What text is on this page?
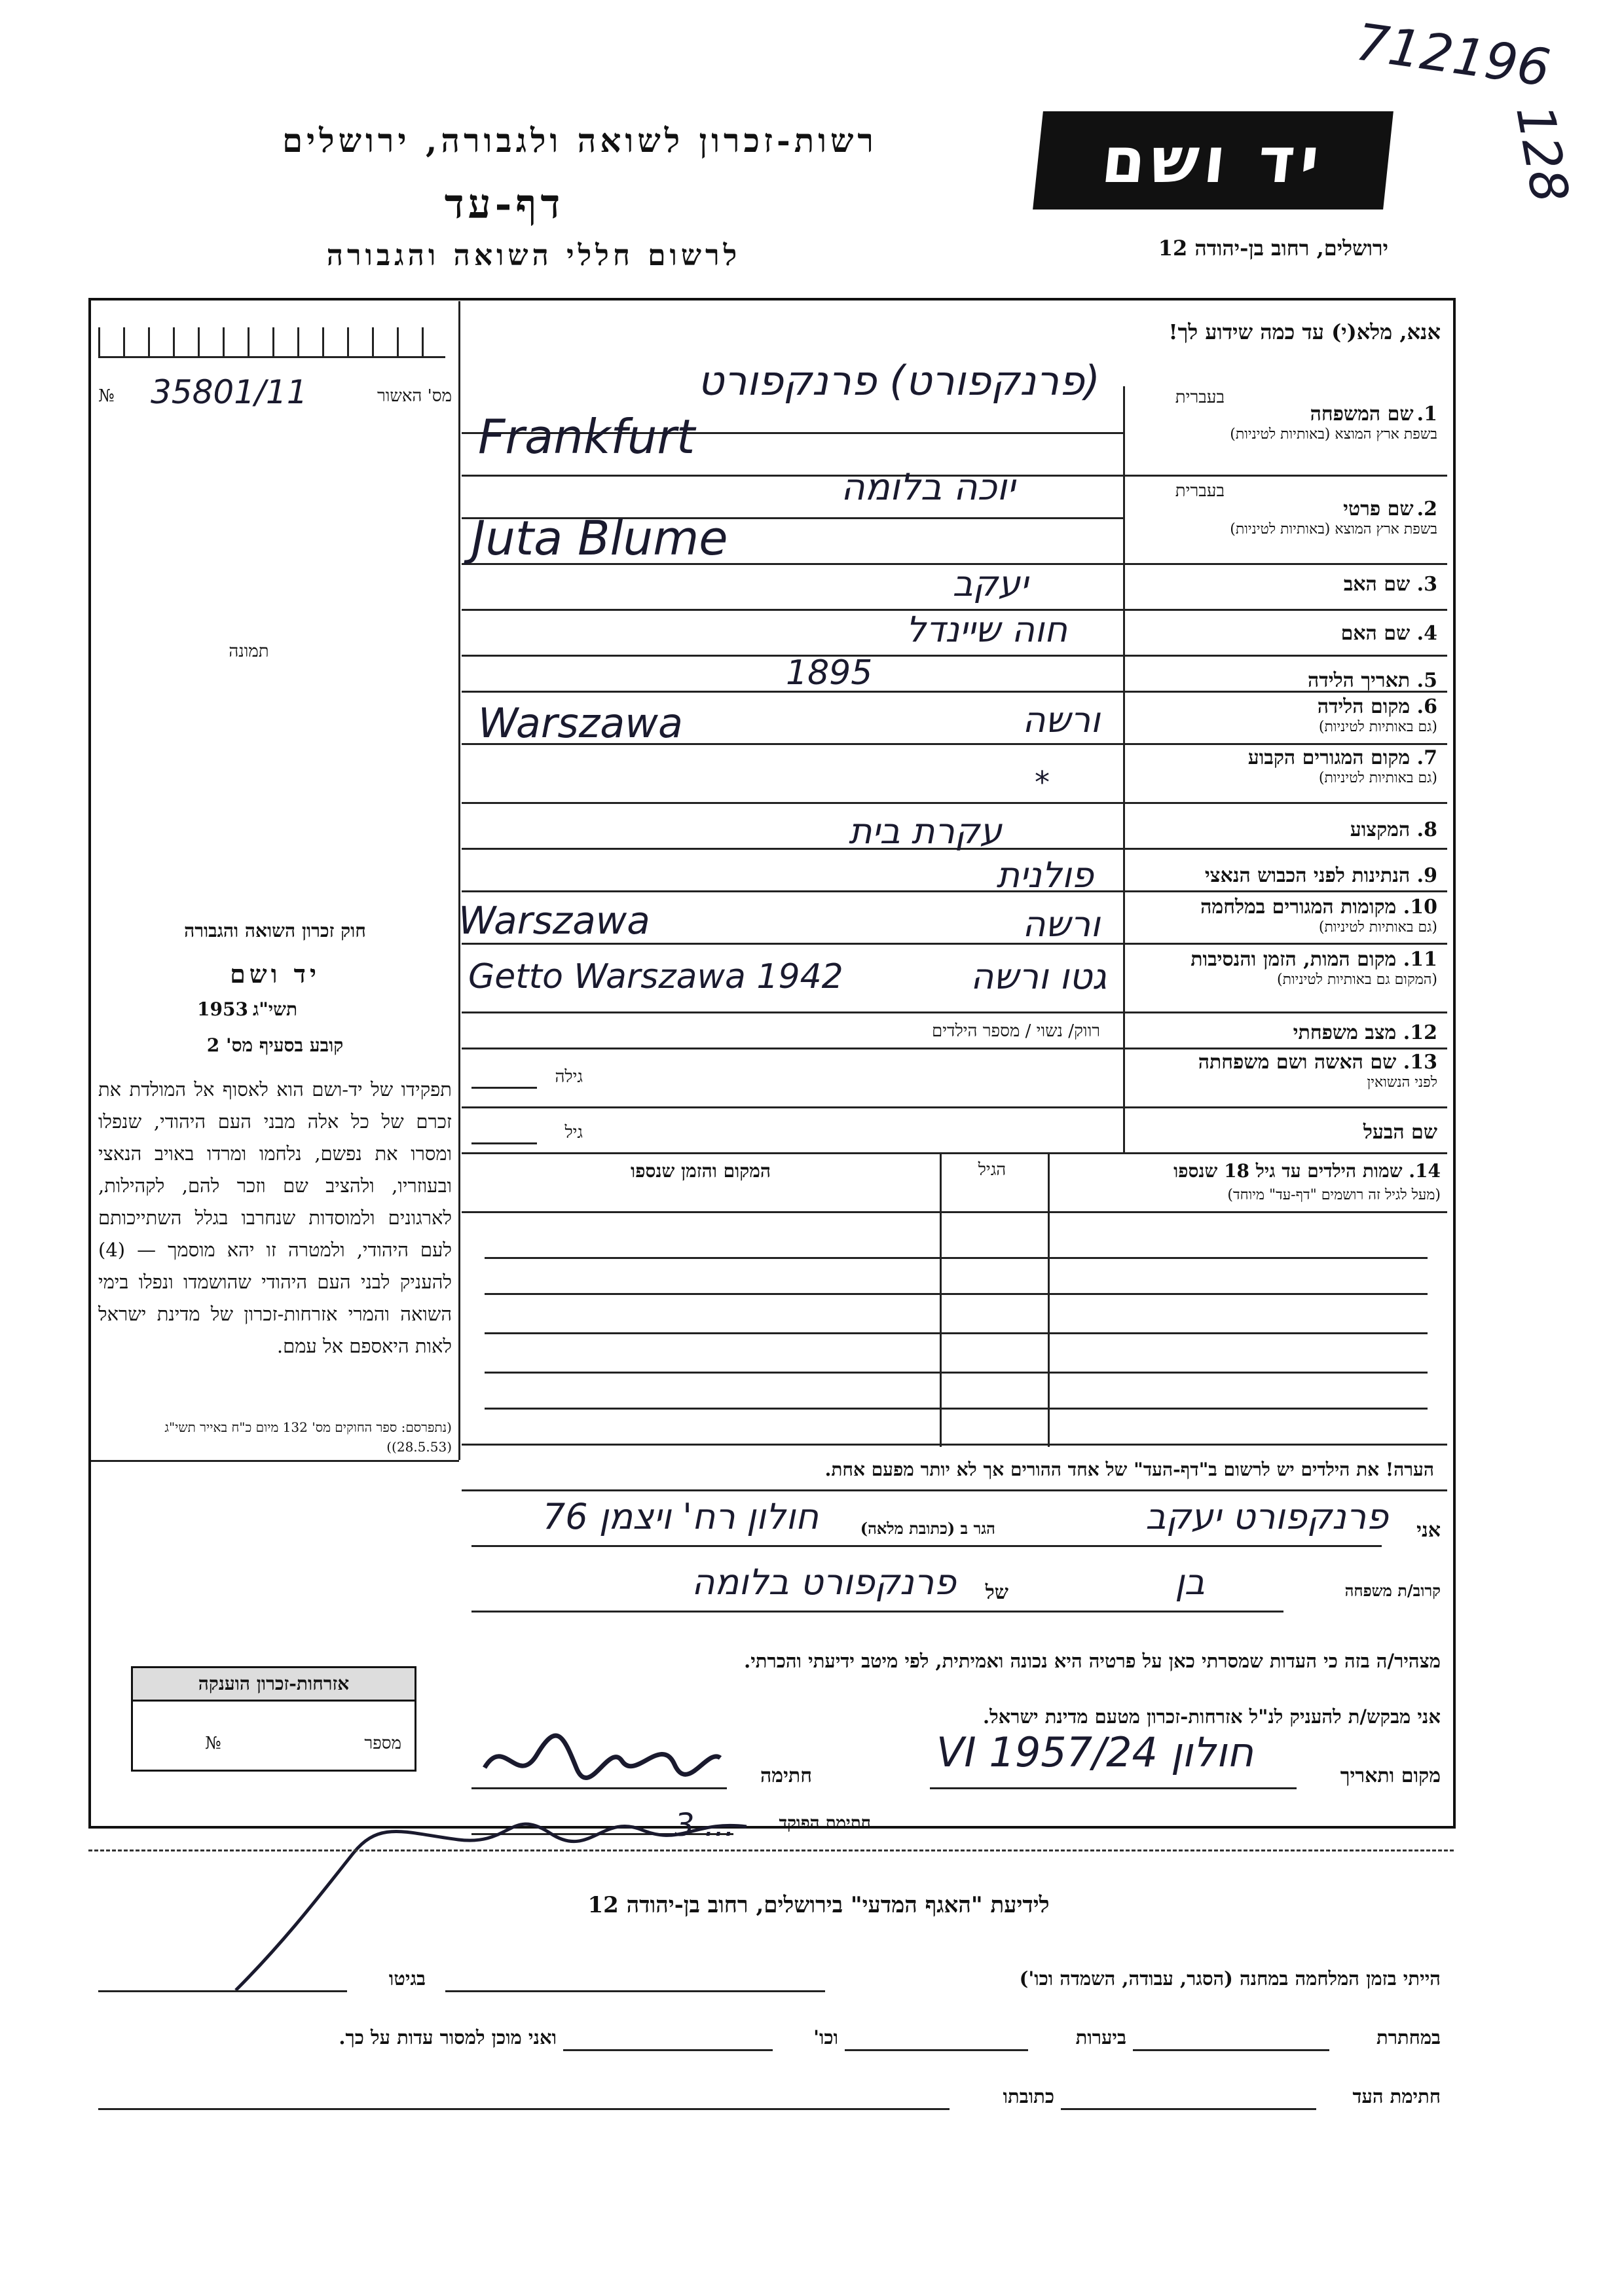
712196
128
רשות-זכרון לשואה ולגבורה, ירושלים
דף-עד
לרשום חללי השואה והגבורה
יד ושם
ירושלים, רחוב בן-יהודה 12
אנא, מלא(י) עד כמה שידוע לך!
מס' האשור
№ 35801/11
תמונה
1. שם המשפחה
בשפת ארץ המוצא (באותיות לטיניות)
בעברית
2. שם פרטי
בשפת ארץ המוצא (באותיות לטיניות)
בעברית
3. שם האב
4. שם האם
5. תאריך הלידה
6. מקום הלידה
(גם באותיות לטיניות)
7. מקום המגורים הקבוע
(גם באותיות לטיניות)
8. המקצוע
9. הנתינות לפני הכבוש הנאצי
10. מקומות המגורים במלחמה
(גם באותיות לטיניות)
11. מקום המות, הזמן והנסיבות
(המקום גם באותיות לטיניות)
12. מצב משפחתי
13. שם האשה ושם משפחתה
לפני הנשואין
שם הבעל
(פרנקפורט) פרנקפורט
Frankfurt
יוכה בלומה
Juta Blume
יעקב
חוה שיינדל
1895
ורשה
Warszawa
*
עקרת בית
פולנית
ורשה
Warszawa
גטו ורשה
Getto Warszawa 1942
רווק/ נשוי / מספר הילדים
גילה
גיל
14. שמות הילדים עד גיל 18 שנספו
(מעל לגיל זה רושמים "דף-עד" מיוחד)
הגיל
המקום והזמן שנספו
הערה! את הילדים יש לרשום ב"דף-העד" של אחד ההורים אך לא יותר מפעם אחת.
חוק זכרון השואה והגבורה
יד ושם
תשי"ג
1953
קובע בסעיף מס' 2
תפקידו של יד-ושם הוא לאסוף אל המולדת את זכרם של כל אלה מבני העם היהודי, שנפלו ומסרו את נפשם, נלחמו ומרדו באויב הנאצי ובעוזריו, ולהציב שם וזכר להם, לקהילות, לארגונים ולמוסדות שנחרבו בגלל השתייכותם לעם היהודי, ולמטרה זו יהא מוסמך — (4) להעניק לבני העם היהודי שהושמדו ונפלו בימי השואה והמרי אזרחות-זכרון של מדינת ישראל לאות היאספם אל עמם.
(נתפרסם: ספר החוקים מס' 132 מיום כ"ח באייר תשי"ג (28.5.53))
אני
פרנקפורט יעקב
הגר ב (כתובת מלאה)
חולון רח' ויצמן 76
קרוב/ת משפחה
בן
של
פרנקפורט בלומה
מצהיר/ה בזה כי העדות שמסרתי כאן על פרטיה היא נכונה ואמיתית, לפי מיטב ידיעתי והכרתי.
אני מבקש/ת להעניק לנ"ל אזרחות-זכרון מטעם מדינת ישראל.
מקום ותאריך
חולון 24/VI 1957
חתימה
חתימת הפוקד
3 ...
אזרחות-זכרון הוענקה
מספר
№
לידיעת "האגף המדעי" בירושלים, רחוב בן-יהודה 12
הייתי בזמן המלחמה במחנה (הסגר, עבודה, השמדה וכו')
בגיטו
במחתרת
ביערות
וכו'
ואני מוכן למסור עדות על כך.
חתימת העד
כתובתו
